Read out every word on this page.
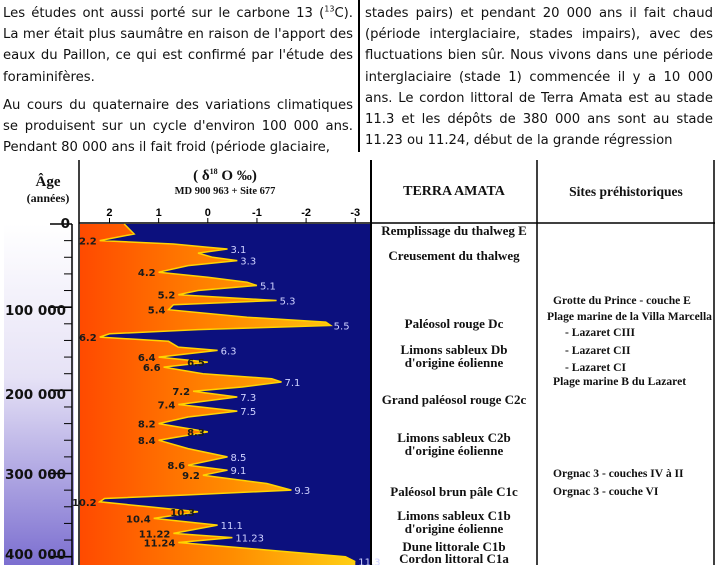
Les études ont aussi porté sur le carbone 13 ($^{13}$C). La mer était plus saumâtre en raison de l'apport des eaux du Paillon, ce qui est confirmé par l'étude des foraminifères.

Au cours du quaternaire des variations climatiques se produisent sur un cycle d'environ 100 000 ans. Pendant 80 000 ans il fait froid (période glaciaire,

stades pairs) et pendant 20 000 ans il fait chaud (période interglaciaire, stades impairs), avec des fluctuations bien sûr. Nous vivons dans une période interglaciaire (stade 1) commencée il y a 10 000 ans. Le cordon littoral de Terra Amata est au stade 11.3 et les dépôts de 380 000 ans sont au stade 11.23 ou 11.24, début de la grande régression

Âge
(années)
0
100 000
200 000
300 000
400 000
( $\delta^{18}$ O ‰)
MD 900 963 + Site 677
2	1	0	-1	-2	-3
2.2
3.1
3.3
4.2
5.1
5.2
5.3
5.4
5.5
6.2
6.3
6.4	6.5
6.6
7.1
7.2
7.3
7.4
7.5
8.2
8.3
8.4
8.5
8.6	9.1
9.2
9.3
10.2
10.3
10.4
11.1
11.22	11.23
11.24
11.3
TERRA AMATA	Sites préhistoriques
Remplissage du thalweg E
Creusement du thalweg
Paléosol rouge Dc
Limons sableux Db
d'origine éolienne
Grand paléosol rouge C2c
Limons sableux C2b
d'origine éolienne
Paléosol brun pâle C1c
Limons sableux C1b
d'origine éolienne
Dune littorale C1b
Cordon littoral C1a
Grotte du Prince - couche E
Plage marine de la Villa Marcella
- Lazaret CIII
- Lazaret CII
- Lazaret CI
Plage marine B du Lazaret
Orgnac 3 - couches IV à II
Orgnac 3 - couche VI
